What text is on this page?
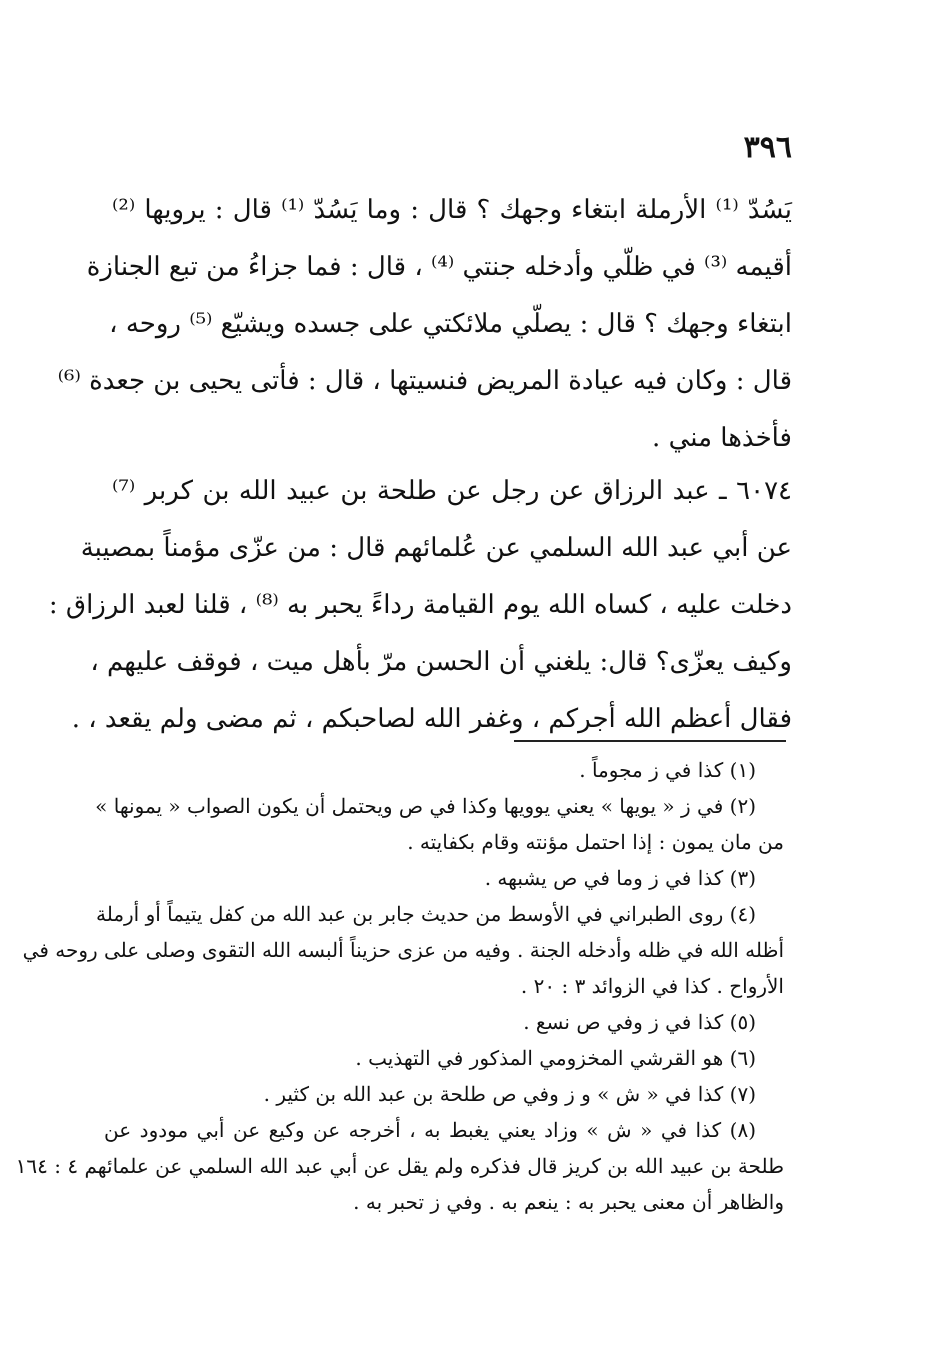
٣٩٦
يَسُدّ ⁽¹⁾ الأرملة ابتغاء وجهك ؟ قال : وما يَسُدّ ⁽¹⁾ قال : يرويها ⁽²⁾
أقيمه ⁽³⁾ في ظلّي وأدخله جنتي ⁽⁴⁾ ، قال : فما جزاءُ من تبع الجنازة
ابتغاء وجهك ؟ قال : يصلّي ملائكتي على جسده ويشيّع ⁽⁵⁾ روحه ،
قال : وكان فيه عيادة المريض فنسيتها ، قال : فأتى يحيى بن جعدة ⁽⁶⁾
فأخذها مني .
٦٠٧٤ ـ عبد الرزاق عن رجل عن طلحة بن عبيد الله بن كربر ⁽⁷⁾
عن أبي عبد الله السلمي عن عُلمائهم قال : من عزّى مؤمناً بمصيبة
دخلت عليه ، كساه الله يوم القيامة رداءً يحبر به ⁽⁸⁾ ، قلنا لعبد الرزاق :
وكيف يعزّى؟ قال: يلغني أن الحسن مرّ بأهل ميت ، فوقف عليهم ،
فقال أعظم الله أجركم ، وغفر الله لصاحبكم ، ثم مضى ولم يقعد ، .
(١) كذا في ز مجوماً .
(٢) في ز « يويها » يعني يوويها وكذا في ص ويحتمل أن يكون الصواب « يمونها »
من مان يمون : إذا احتمل مؤنته وقام بكفايته .
(٣) كذا في ز وما في ص يشبهه .
(٤) روى الطبراني في الأوسط من حديث جابر بن عبد الله من كفل يتيماً أو أرملة
أظله الله في ظله وأدخله الجنة . وفيه من عزى حزيناً ألبسه الله التقوى وصلى على روحه في
الأرواح . كذا في الزوائد ٣ : ٢٠ .
(٥) كذا في ز وفي ص نسع .
(٦) هو القرشي المخزومي المذكور في التهذيب .
(٧) كذا في « ش » و ز وفي ص طلحة بن عبد الله بن كثير .
(٨) كذا في « ش » وزاد يعني يغبط به ، أخرجه عن وكيع عن أبي مودود عن
طلحة بن عبيد الله بن كريز قال فذكره ولم يقل عن أبي عبد الله السلمي عن علمائهم ٤ : ١٦٤
والظاهر أن معنى يحبر به : ينعم به . وفي ز تحبر به .
